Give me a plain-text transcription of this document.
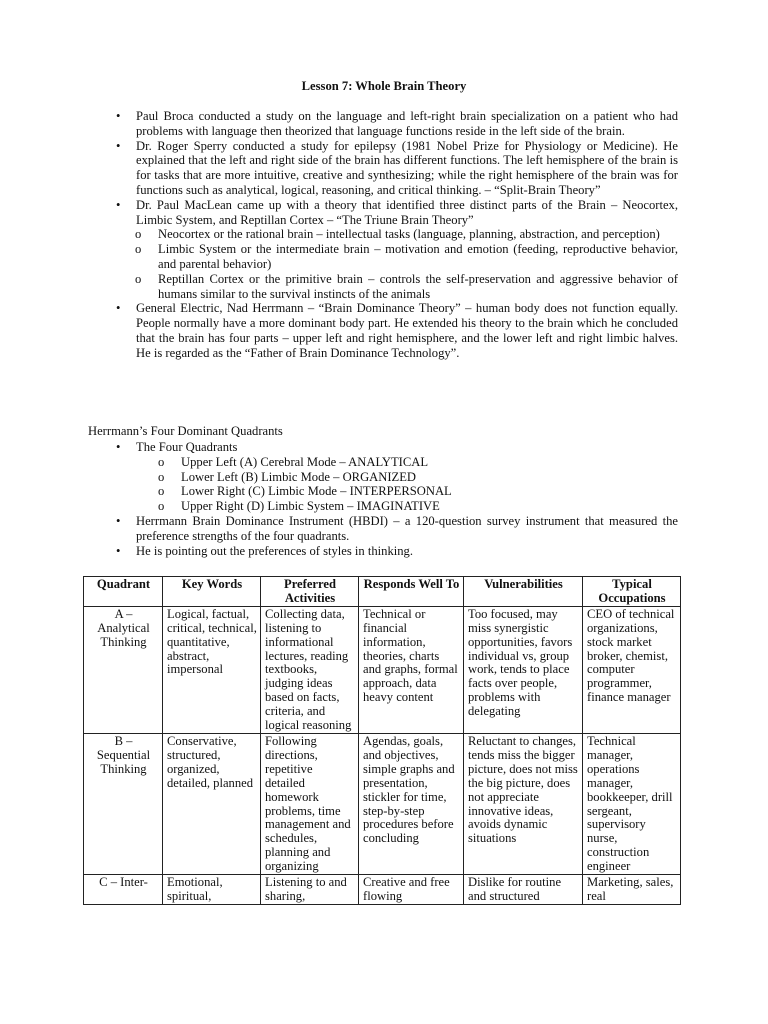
Lesson 7: Whole Brain Theory
• Paul Broca conducted a study on the language and left-right brain specialization on a patient who had problems with language then theorized that language functions reside in the left side of the brain.
• Dr. Roger Sperry conducted a study for epilepsy (1981 Nobel Prize for Physiology or Medicine). He explained that the left and right side of the brain has different functions. The left hemisphere of the brain is for tasks that are more intuitive, creative and synthesizing; while the right hemisphere of the brain was for functions such as analytical, logical, reasoning, and critical thinking. – “Split-Brain Theory”
• Dr. Paul MacLean came up with a theory that identified three distinct parts of the Brain – Neocortex, Limbic System, and Reptillan Cortex – “The Triune Brain Theory”
o Neocortex or the rational brain – intellectual tasks (language, planning, abstraction, and perception)
o Limbic System or the intermediate brain – motivation and emotion (feeding, reproductive behavior, and parental behavior)
o Reptillan Cortex or the primitive brain – controls the self-preservation and aggressive behavior of humans similar to the survival instincts of the animals
• General Electric, Nad Herrmann – “Brain Dominance Theory” – human body does not function equally. People normally have a more dominant body part. He extended his theory to the brain which he concluded that the brain has four parts – upper left and right hemisphere, and the lower left and right limbic halves. He is regarded as the “Father of Brain Dominance Technology”.
Herrmann’s Four Dominant Quadrants
• The Four Quadrants
o Upper Left (A) Cerebral Mode – ANALYTICAL
o Lower Left (B) Limbic Mode – ORGANIZED
o Lower Right (C) Limbic Mode – INTERPERSONAL
o Upper Right (D) Limbic System – IMAGINATIVE
• Herrmann Brain Dominance Instrument (HBDI) – a 120-question survey instrument that measured the preference strengths of the four quadrants.
• He is pointing out the preferences of styles in thinking.
Quadrant	Key Words	Preferred Activities	Responds Well To	Vulnerabilities	Typical Occupations
A – Analytical Thinking	Logical, factual, critical, technical, quantitative, abstract, impersonal	Collecting data, listening to informational lectures, reading textbooks, judging ideas based on facts, criteria, and logical reasoning	Technical or financial information, theories, charts and graphs, formal approach, data heavy content	Too focused, may miss synergistic opportunities, favors individual vs, group work, tends to place facts over people, problems with delegating	CEO of technical organizations, stock market broker, chemist, computer programmer, finance manager
B – Sequential Thinking	Conservative, structured, organized, detailed, planned	Following directions, repetitive detailed homework problems, time management and schedules, planning and organizing	Agendas, goals, and objectives, simple graphs and presentation, stickler for time, step-by-step procedures before concluding	Reluctant to changes, tends miss the bigger picture, does not miss the big picture, does not appreciate innovative ideas, avoids dynamic situations	Technical manager, operations manager, bookkeeper, drill sergeant, supervisory nurse, construction engineer
C – Inter-	Emotional, spiritual,	Listening to and sharing,	Creative and free flowing	Dislike for routine and structured	Marketing, sales, real
